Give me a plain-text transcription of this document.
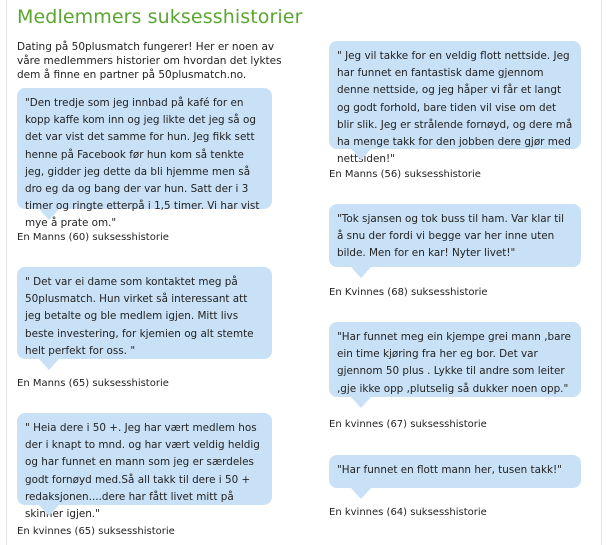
Medlemmers suksesshistorier
Dating på 50plusmatch fungerer! Her er noen av våre medlemmers historier om hvordan det lyktes dem å finne en partner på 50plusmatch.no.
"Den tredje som jeg innbad på kafé for en kopp kaffe kom inn og jeg likte det jeg så og det var vist det samme for hun. Jeg fikk sett henne på Facebook før hun kom så tenkte jeg, gidder jeg dette da bli hjemme men så dro eg da og bang der var hun. Satt der i 3 timer og ringte etterpå i 1,5 timer. Vi har vist mye å prate om."
En Manns (60) suksesshistorie
" Det var ei dame som kontaktet meg på 50plusmatch. Hun virket så interessant att jeg betalte og ble medlem igjen. Mitt livs beste investering, for kjemien og alt stemte helt perfekt for oss. "
En Manns (65) suksesshistorie
" Heia dere i 50 +. Jeg har vært medlem hos der i knapt to mnd. og har vært veldig heldig og har funnet en mann som jeg er særdeles godt fornøyd med.Så all takk til dere i 50 + redaksjonen....dere har fått livet mitt på skinner igjen."
En kvinnes (65) suksesshistorie
" Jeg vil takke for en veldig flott nettside. Jeg har funnet en fantastisk dame gjennom denne nettside, og jeg håper vi får et langt og godt forhold, bare tiden vil vise om det blir slik. Jeg er strålende fornøyd, og dere må ha menge takk for den jobben dere gjør med nettsiden!"
En Manns (56) suksesshistorie
"Tok sjansen og tok buss til ham. Var klar til å snu der fordi vi begge var her inne uten bilde. Men for en kar! Nyter livet!"
En Kvinnes (68) suksesshistorie
"Har funnet meg ein kjempe grei mann ,bare ein time kjøring fra her eg bor. Det var gjennom 50 plus . Lykke til andre som leiter ,gje ikke opp ,plutselig så dukker noen opp."
En kvinnes (67) suksesshistorie
"Har funnet en flott mann her, tusen takk!"
En kvinnes (64) suksesshistorie
